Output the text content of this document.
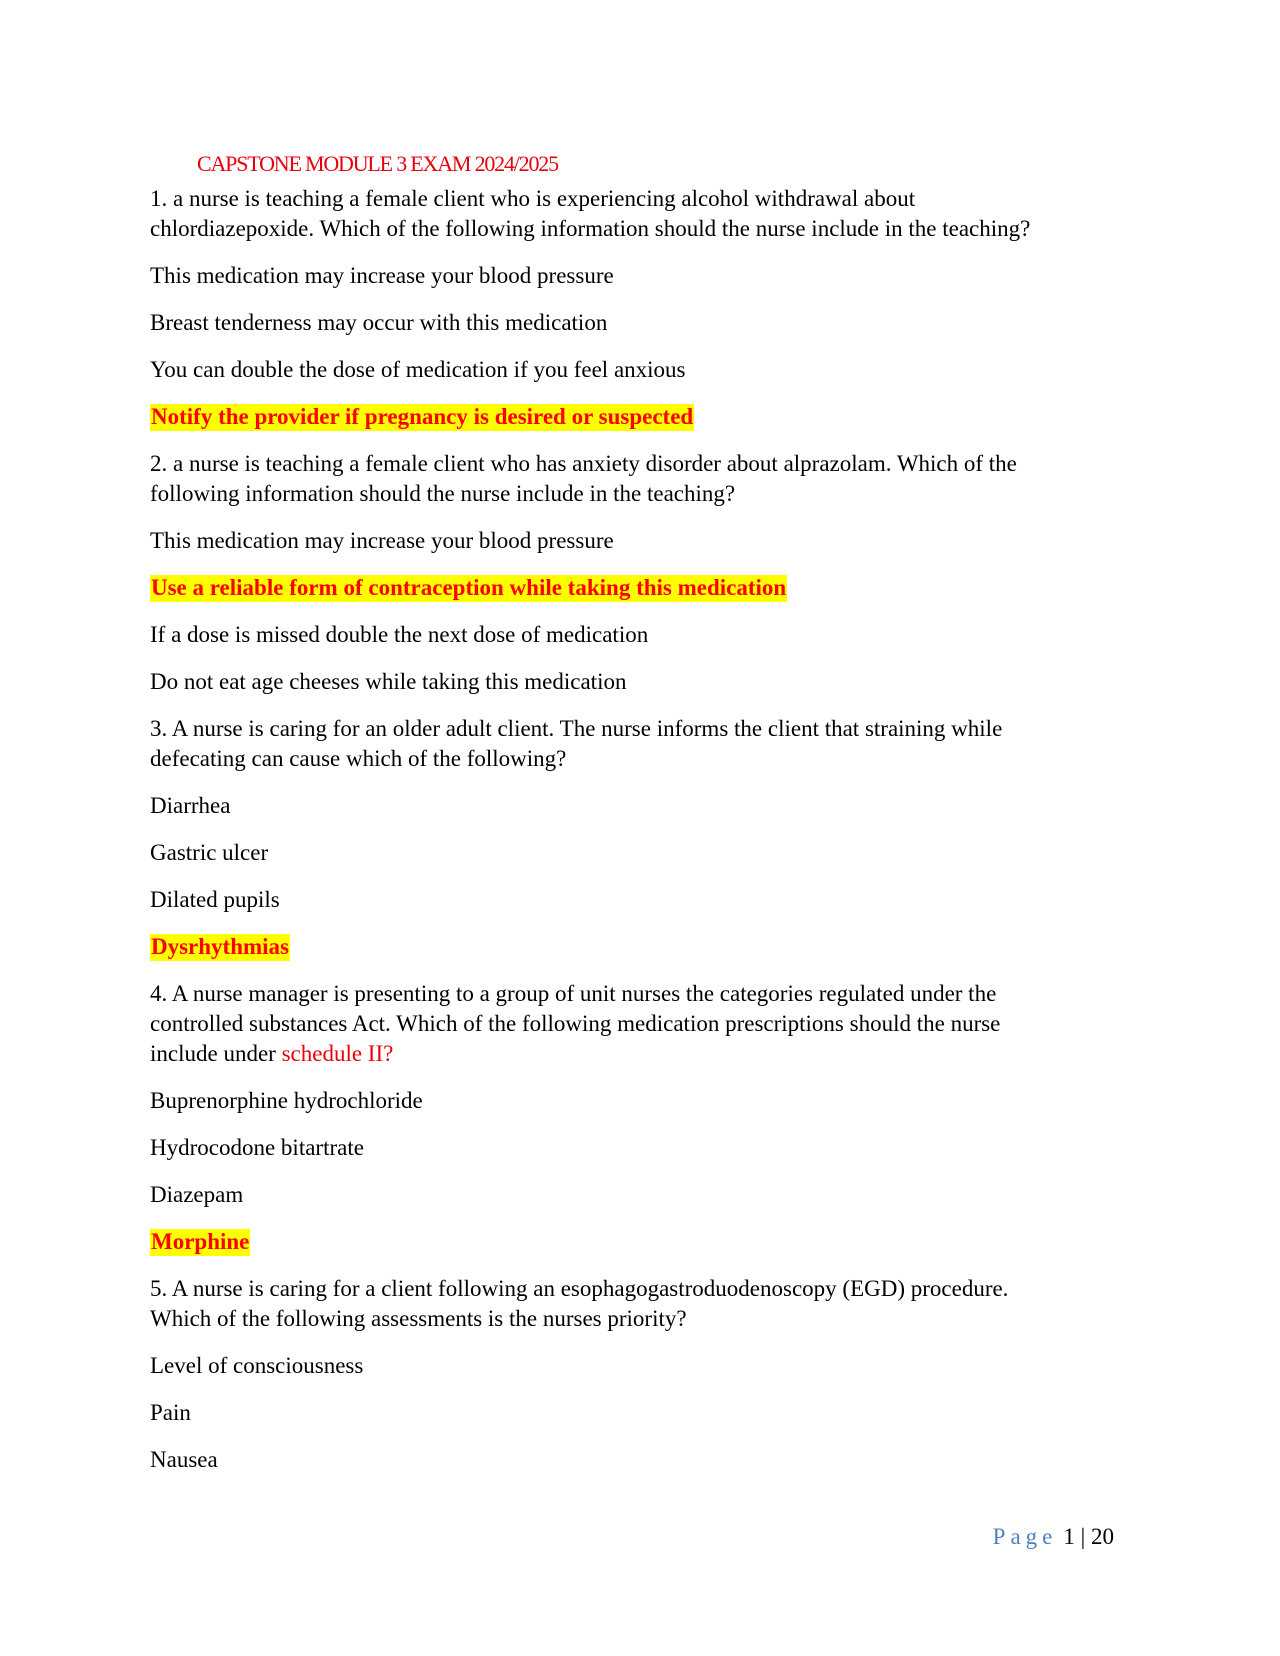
CAPSTONE MODULE 3 EXAM 2024/2025
1. a nurse is teaching a female client who is experiencing alcohol withdrawal about
chlordiazepoxide. Which of the following information should the nurse include in the teaching?
This medication may increase your blood pressure
Breast tenderness may occur with this medication
You can double the dose of medication if you feel anxious
Notify the provider if pregnancy is desired or suspected
2. a nurse is teaching a female client who has anxiety disorder about alprazolam. Which of the
following information should the nurse include in the teaching?
This medication may increase your blood pressure
Use a reliable form of contraception while taking this medication
If a dose is missed double the next dose of medication
Do not eat age cheeses while taking this medication
3. A nurse is caring for an older adult client. The nurse informs the client that straining while
defecating can cause which of the following?
Diarrhea
Gastric ulcer
Dilated pupils
Dysrhythmias
4. A nurse manager is presenting to a group of unit nurses the categories regulated under the
controlled substances Act. Which of the following medication prescriptions should the nurse
include under schedule II?
Buprenorphine hydrochloride
Hydrocodone bitartrate
Diazepam
Morphine
5. A nurse is caring for a client following an esophagogastroduodenoscopy (EGD) procedure.
Which of the following assessments is the nurses priority?
Level of consciousness
Pain
Nausea
Page 1 | 20
